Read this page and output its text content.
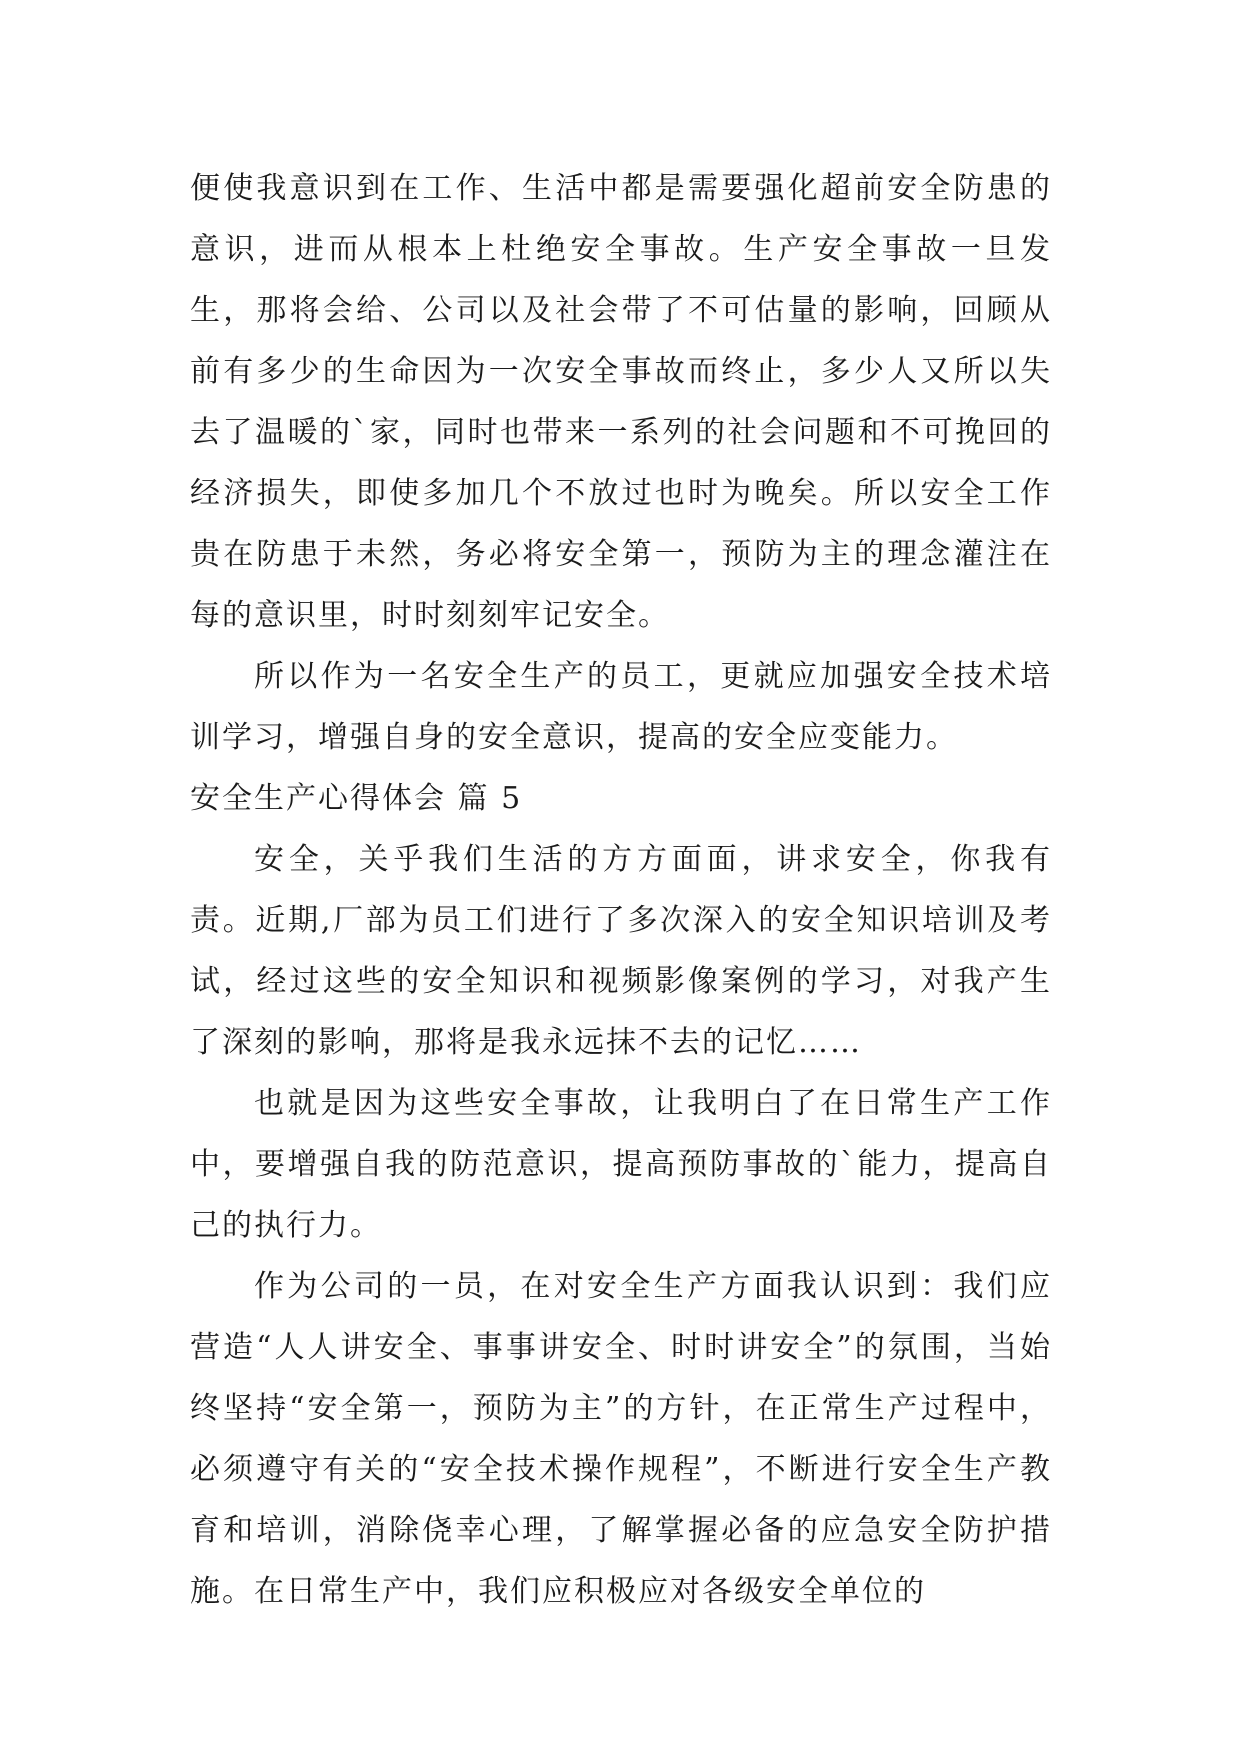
便使我意识到在工作、生活中都是需要强化超前安全防患的意识，进而从根本上杜绝安全事故。生产安全事故一旦发生，那将会给、公司以及社会带了不可估量的影响，回顾从前有多少的生命因为一次安全事故而终止，多少人又所以失去了温暖的`家，同时也带来一系列的社会问题和不可挽回的经济损失，即使多加几个不放过也时为晚矣。所以安全工作贵在防患于未然，务必将安全第一，预防为主的理念灌注在每的意识里，时时刻刻牢记安全。

所以作为一名安全生产的员工，更就应加强安全技术培训学习，增强自身的安全意识，提高的安全应变能力。

安全生产心得体会 篇 5

安全，关乎我们生活的方方面面，讲求安全，你我有责。近期,厂部为员工们进行了多次深入的安全知识培训及考试，经过这些的安全知识和视频影像案例的学习，对我产生了深刻的影响，那将是我永远抹不去的记忆……

也就是因为这些安全事故，让我明白了在日常生产工作中，要增强自我的防范意识，提高预防事故的`能力，提高自己的执行力。

作为公司的一员，在对安全生产方面我认识到：我们应营造“人人讲安全、事事讲安全、时时讲安全”的氛围，当始终坚持“安全第一，预防为主”的方针，在正常生产过程中，必须遵守有关的“安全技术操作规程”，不断进行安全生产教育和培训，消除侥幸心理，了解掌握必备的应急安全防护措施。在日常生产中，我们应积极应对各级安全单位的
